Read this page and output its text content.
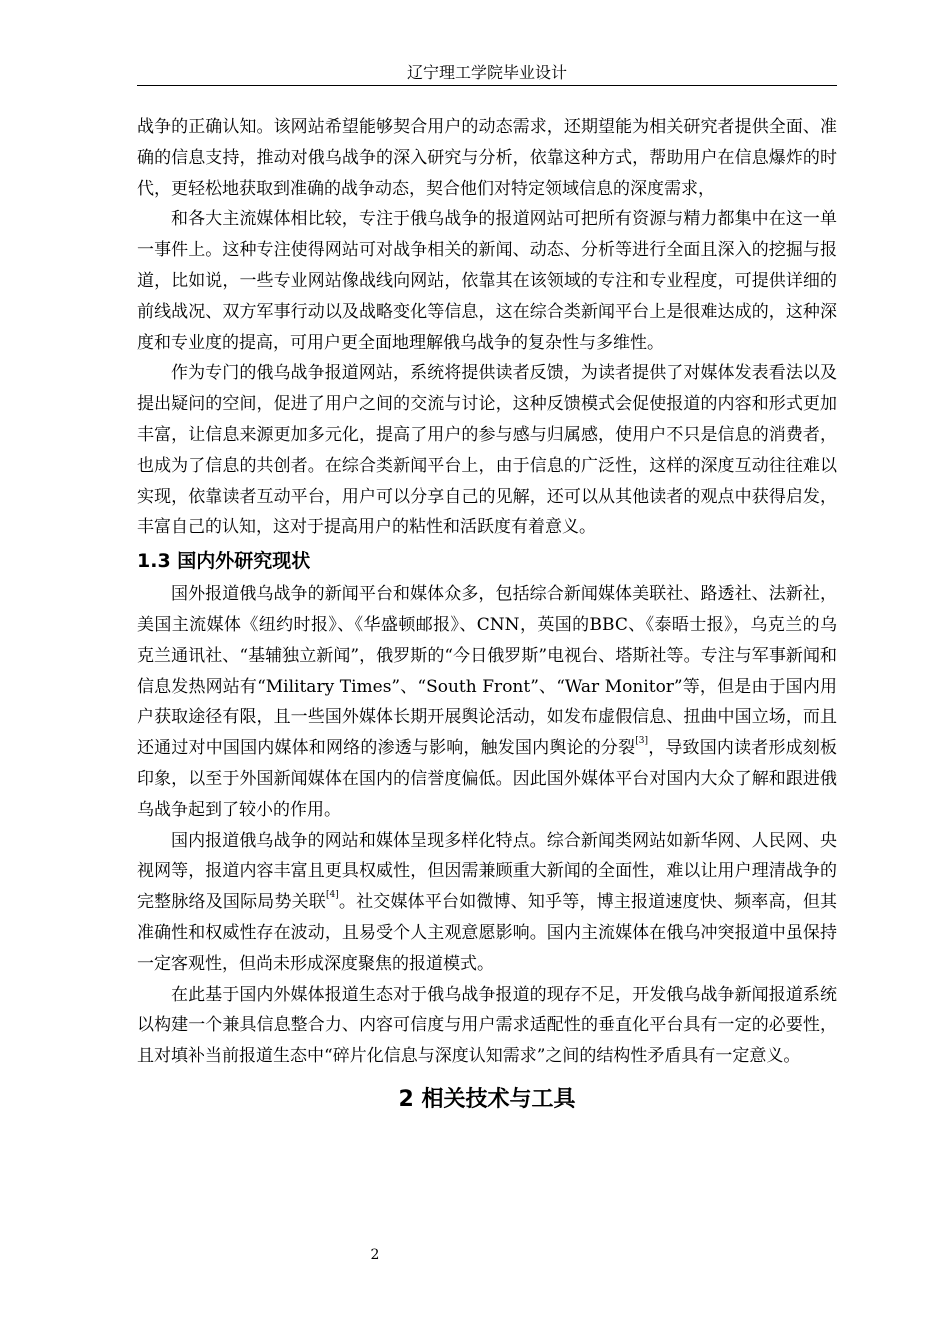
辽宁理工学院毕业设计

战争的正确认知。该网站希望能够契合用户的动态需求，还期望能为相关研究者提供全面、准确的信息支持，推动对俄乌战争的深入研究与分析，依靠这种方式，帮助用户在信息爆炸的时代，更轻松地获取到准确的战争动态，契合他们对特定领域信息的深度需求，

和各大主流媒体相比较，专注于俄乌战争的报道网站可把所有资源与精力都集中在这一单一事件上。这种专注使得网站可对战争相关的新闻、动态、分析等进行全面且深入的挖掘与报道，比如说，一些专业网站像战线向网站，依靠其在该领域的专注和专业程度，可提供详细的前线战况、双方军事行动以及战略变化等信息，这在综合类新闻平台上是很难达成的，这种深度和专业度的提高，可用户更全面地理解俄乌战争的复杂性与多维性。

作为专门的俄乌战争报道网站，系统将提供读者反馈，为读者提供了对媒体发表看法以及提出疑问的空间，促进了用户之间的交流与讨论，这种反馈模式会促使报道的内容和形式更加丰富，让信息来源更加多元化，提高了用户的参与感与归属感，使用户不只是信息的消费者，也成为了信息的共创者。在综合类新闻平台上，由于信息的广泛性，这样的深度互动往往难以实现，依靠读者互动平台，用户可以分享自己的见解，还可以从其他读者的观点中获得启发，丰富自己的认知，这对于提高用户的粘性和活跃度有着意义。

1.3 国内外研究现状

国外报道俄乌战争的新闻平台和媒体众多，包括综合新闻媒体美联社、路透社、法新社，美国主流媒体《纽约时报》、《华盛顿邮报》、CNN，英国的BBC、《泰晤士报》，乌克兰的乌克兰通讯社、“基辅独立新闻”，俄罗斯的“今日俄罗斯”电视台、塔斯社等。专注与军事新闻和信息发热网站有“Military Times”、“South Front”、“War Monitor”等，但是由于国内用户获取途径有限，且一些国外媒体长期开展舆论活动，如发布虚假信息、扭曲中国立场，而且还通过对中国国内媒体和网络的渗透与影响，触发国内舆论的分裂[3]，导致国内读者形成刻板印象，以至于外国新闻媒体在国内的信誉度偏低。因此国外媒体平台对国内大众了解和跟进俄乌战争起到了较小的作用。

国内报道俄乌战争的网站和媒体呈现多样化特点。综合新闻类网站如新华网、人民网、央视网等，报道内容丰富且更具权威性，但因需兼顾重大新闻的全面性，难以让用户理清战争的完整脉络及国际局势关联[4]。社交媒体平台如微博、知乎等，博主报道速度快、频率高，但其准确性和权威性存在波动，且易受个人主观意愿影响。国内主流媒体在俄乌冲突报道中虽保持一定客观性，但尚未形成深度聚焦的报道模式。

在此基于国内外媒体报道生态对于俄乌战争报道的现存不足，开发俄乌战争新闻报道系统以构建一个兼具信息整合力、内容可信度与用户需求适配性的垂直化平台具有一定的必要性，且对填补当前报道生态中“碎片化信息与深度认知需求”之间的结构性矛盾具有一定意义。

2 相关技术与工具
2
